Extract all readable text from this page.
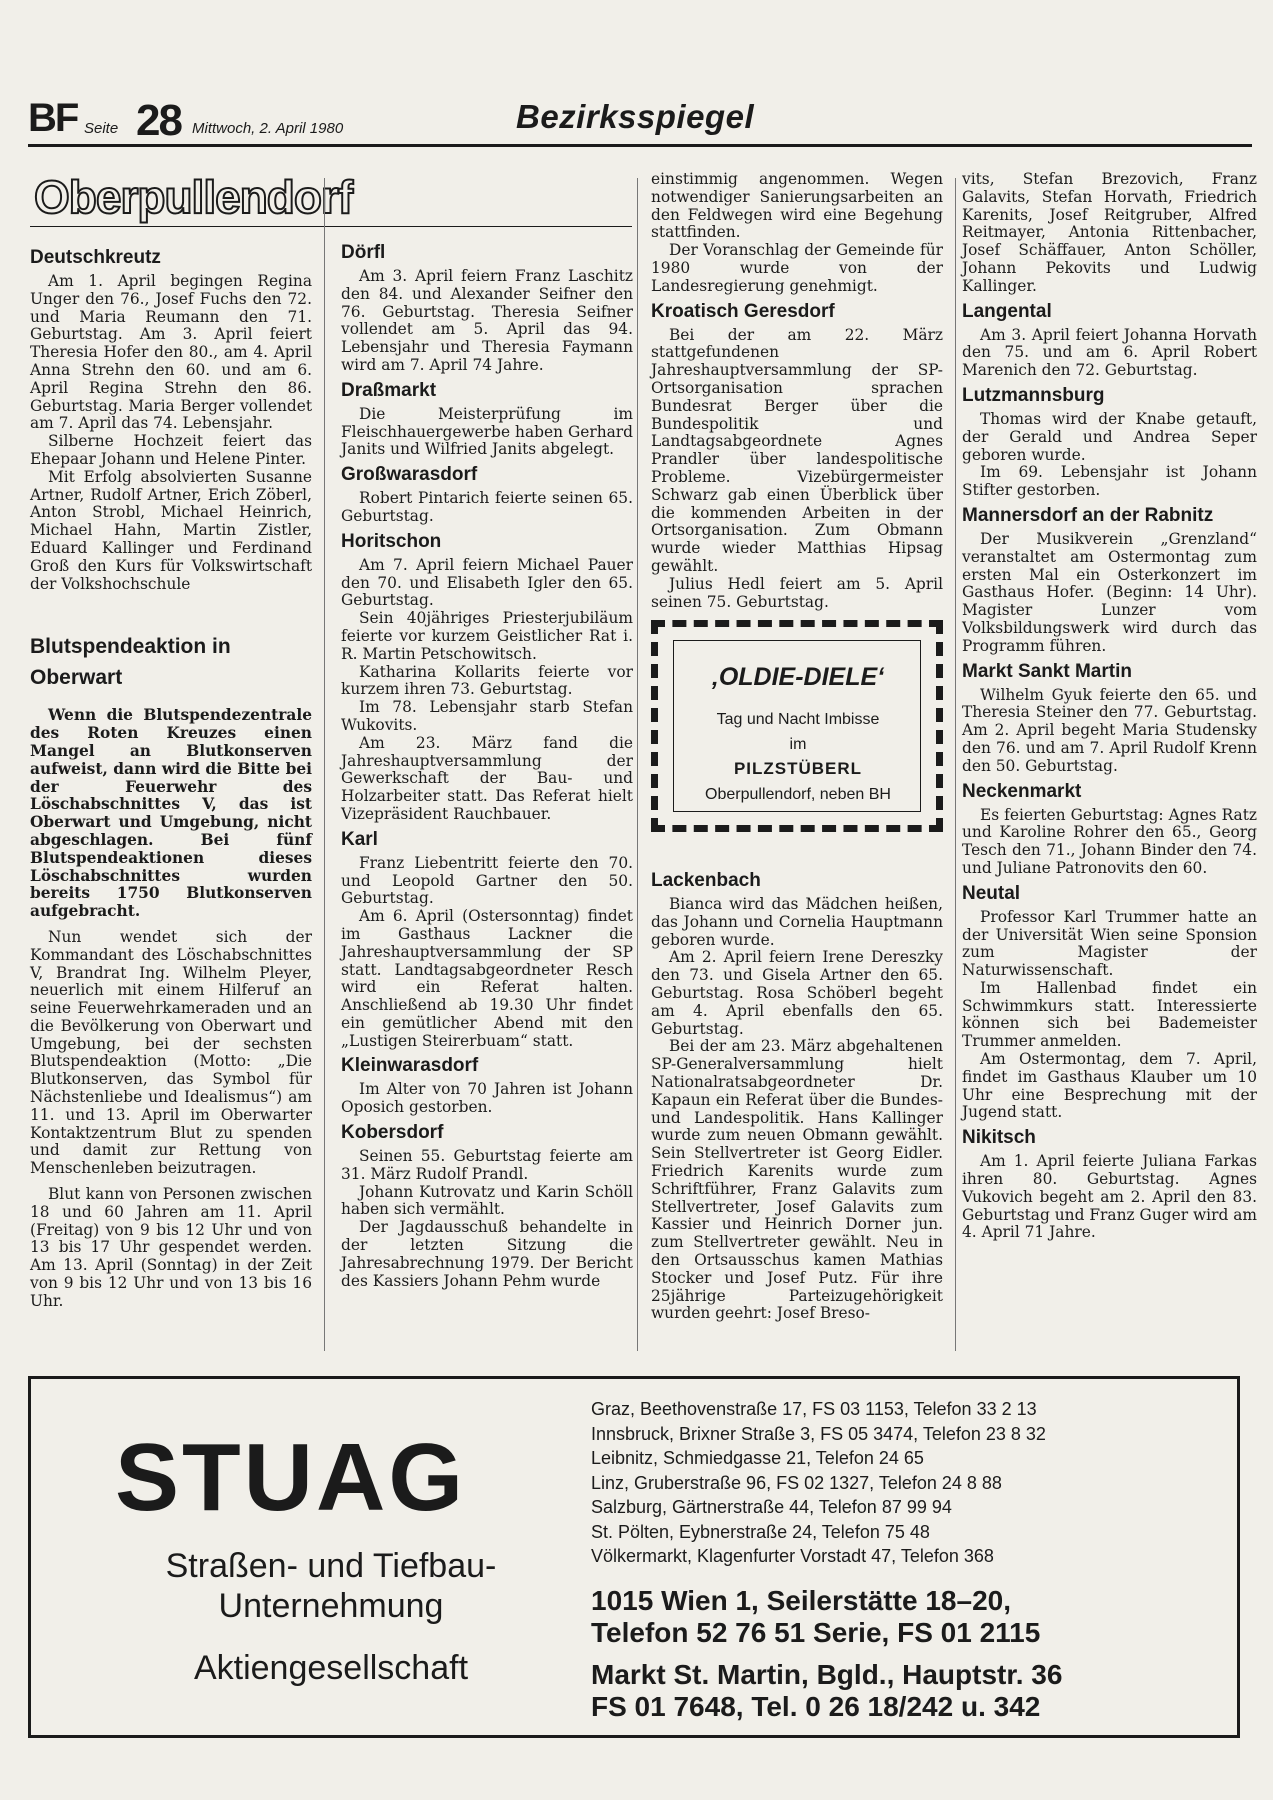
BF Seite 28 Mittwoch, 2. April 1980	Bezirksspiegel
Oberpullendorf
Deutschkreutz

Am 1. April begingen Regina Unger den 76., Josef Fuchs den 72. und Maria Reumann den 71. Geburtstag. Am 3. April feiert Theresia Hofer den 80., am 4. April Anna Strehn den 60. und am 6. April Regina Strehn den 86. Geburtstag. Maria Berger vollendet am 7. April das 74. Lebensjahr.

Silberne Hochzeit feiert das Ehepaar Johann und Helene Pinter.

Mit Erfolg absolvierten Susanne Artner, Rudolf Artner, Erich Zöberl, Anton Strobl, Michael Heinrich, Michael Hahn, Martin Zistler, Eduard Kallinger und Ferdinand Groß den Kurs für Volkswirtschaft der Volkshochschule

Blutspendeaktion in Oberwart

Wenn die Blutspendezentrale des Roten Kreuzes einen Mangel an Blutkonserven aufweist, dann wird die Bitte bei der Feuerwehr des Löschabschnittes V, das ist Oberwart und Umgebung, nicht abgeschlagen. Bei fünf Blutspendeaktionen dieses Löschabschnittes wurden bereits 1750 Blutkonserven aufgebracht.

Nun wendet sich der Kommandant des Löschabschnittes V, Brandrat Ing. Wilhelm Pleyer, neuerlich mit einem Hilferuf an seine Feuerwehrkameraden und an die Bevölkerung von Oberwart und Umgebung, bei der sechsten Blutspendeaktion (Motto: „Die Blutkonserven, das Symbol für Nächstenliebe und Idealismus“) am 11. und 13. April im Oberwarter Kontaktzentrum Blut zu spenden und damit zur Rettung von Menschenleben beizutragen.

Blut kann von Personen zwischen 18 und 60 Jahren am 11. April (Freitag) von 9 bis 12 Uhr und von 13 bis 17 Uhr gespendet werden. Am 13. April (Sonntag) in der Zeit von 9 bis 12 Uhr und von 13 bis 16 Uhr.

Dörfl

Am 3. April feiern Franz Laschitz den 84. und Alexander Seifner den 76. Geburtstag. Theresia Seifner vollendet am 5. April das 94. Lebensjahr und Theresia Faymann wird am 7. April 74 Jahre.

Draßmarkt

Die Meisterprüfung im Fleischhauergewerbe haben Gerhard Janits und Wilfried Janits abgelegt.

Großwarasdorf

Robert Pintarich feierte seinen 65. Geburtstag.

Horitschon

Am 7. April feiern Michael Pauer den 70. und Elisabeth Igler den 65. Geburtstag.

Sein 40jähriges Priesterjubiläum feierte vor kurzem Geistlicher Rat i. R. Martin Petschowitsch.

Katharina Kollarits feierte vor kurzem ihren 73. Geburtstag.

Im 78. Lebensjahr starb Stefan Wukovits.

Am 23. März fand die Jahreshauptversammlung der Gewerkschaft der Bau- und Holzarbeiter statt. Das Referat hielt Vizepräsident Rauchbauer.

Karl

Franz Liebentritt feierte den 70. und Leopold Gartner den 50. Geburtstag.

Am 6. April (Ostersonntag) findet im Gasthaus Lackner die Jahreshauptversammlung der SP statt. Landtagsabgeordneter Resch wird ein Referat halten. Anschließend ab 19.30 Uhr findet ein gemütlicher Abend mit den „Lustigen Steirerbuam“ statt.

Kleinwarasdorf

Im Alter von 70 Jahren ist Johann Oposich gestorben.

Kobersdorf

Seinen 55. Geburtstag feierte am 31. März Rudolf Prandl.

Johann Kutrovatz und Karin Schöll haben sich vermählt.

Der Jagdausschuß behandelte in der letzten Sitzung die Jahresabrechnung 1979. Der Bericht des Kassiers Johann Pehm wurde

einstimmig angenommen. Wegen notwendiger Sanierungsarbeiten an den Feldwegen wird eine Begehung stattfinden.

Der Voranschlag der Gemeinde für 1980 wurde von der Landesregierung genehmigt.

Kroatisch Geresdorf

Bei der am 22. März stattgefundenen Jahreshauptversammlung der SP-Ortsorganisation sprachen Bundesrat Berger über die Bundespolitik und Landtagsabgeordnete Agnes Prandler über landespolitische Probleme. Vizebürgermeister Schwarz gab einen Überblick über die kommenden Arbeiten in der Ortsorganisation. Zum Obmann wurde wieder Matthias Hipsag gewählt.

Julius Hedl feiert am 5. April seinen 75. Geburtstag.

‚OLDIE-DIELE‘
Tag und Nacht Imbisse
im
PILZSTÜBERL
Oberpullendorf, neben BH
Lackenbach

Bianca wird das Mädchen heißen, das Johann und Cornelia Hauptmann geboren wurde.

Am 2. April feiern Irene Dereszky den 73. und Gisela Artner den 65. Geburtstag. Rosa Schöberl begeht am 4. April ebenfalls den 65. Geburtstag.

Bei der am 23. März abgehaltenen SP-Generalversammlung hielt Nationalratsabgeordneter Dr. Kapaun ein Referat über die Bundes- und Landespolitik. Hans Kallinger wurde zum neuen Obmann gewählt. Sein Stellvertreter ist Georg Eidler. Friedrich Karenits wurde zum Schriftführer, Franz Galavits zum Stellvertreter, Josef Galavits zum Kassier und Heinrich Dorner jun. zum Stellvertreter gewählt. Neu in den Ortsausschus kamen Mathias Stocker und Josef Putz. Für ihre 25jährige Parteizugehörigkeit wurden geehrt: Josef Breso-

vits, Stefan Brezovich, Franz Galavits, Stefan Horvath, Friedrich Karenits, Josef Reitgruber, Alfred Reitmayer, Antonia Rittenbacher, Josef Schäffauer, Anton Schöller, Johann Pekovits und Ludwig Kallinger.

Langental

Am 3. April feiert Johanna Horvath den 75. und am 6. April Robert Marenich den 72. Geburtstag.

Lutzmannsburg

Thomas wird der Knabe getauft, der Gerald und Andrea Seper geboren wurde.

Im 69. Lebensjahr ist Johann Stifter gestorben.

Mannersdorf an der Rabnitz

Der Musikverein „Grenzland“ veranstaltet am Ostermontag zum ersten Mal ein Osterkonzert im Gasthaus Hofer. (Beginn: 14 Uhr). Magister Lunzer vom Volksbildungswerk wird durch das Programm führen.

Markt Sankt Martin

Wilhelm Gyuk feierte den 65. und Theresia Steiner den 77. Geburtstag. Am 2. April begeht Maria Studensky den 76. und am 7. April Rudolf Krenn den 50. Geburtstag.

Neckenmarkt

Es feierten Geburtstag: Agnes Ratz und Karoline Rohrer den 65., Georg Tesch den 71., Johann Binder den 74. und Juliane Patronovits den 60.

Neutal

Professor Karl Trummer hatte an der Universität Wien seine Sponsion zum Magister der Naturwissenschaft.

Im Hallenbad findet ein Schwimmkurs statt. Interessierte können sich bei Bademeister Trummer anmelden.

Am Ostermontag, dem 7. April, findet im Gasthaus Klauber um 10 Uhr eine Besprechung mit der Jugend statt.

Nikitsch

Am 1. April feierte Juliana Farkas ihren 80. Geburtstag. Agnes Vukovich begeht am 2. April den 83. Geburtstag und Franz Guger wird am 4. April 71 Jahre.

STUAG
Straßen- und Tiefbau-
Unternehmung
Aktiengesellschaft
Graz, Beethovenstraße 17, FS 03 1153, Telefon 33 2 13
Innsbruck, Brixner Straße 3, FS 05 3474, Telefon 23 8 32
Leibnitz, Schmiedgasse 21, Telefon 24 65
Linz, Gruberstraße 96, FS 02 1327, Telefon 24 8 88
Salzburg, Gärtnerstraße 44, Telefon 87 99 94
St. Pölten, Eybnerstraße 24, Telefon 75 48
Völkermarkt, Klagenfurter Vorstadt 47, Telefon 368
1015 Wien 1, Seilerstätte 18–20,
Telefon 52 76 51 Serie, FS 01 2115
Markt St. Martin, Bgld., Hauptstr. 36
FS 01 7648, Tel. 0 26 18/242 u. 342
